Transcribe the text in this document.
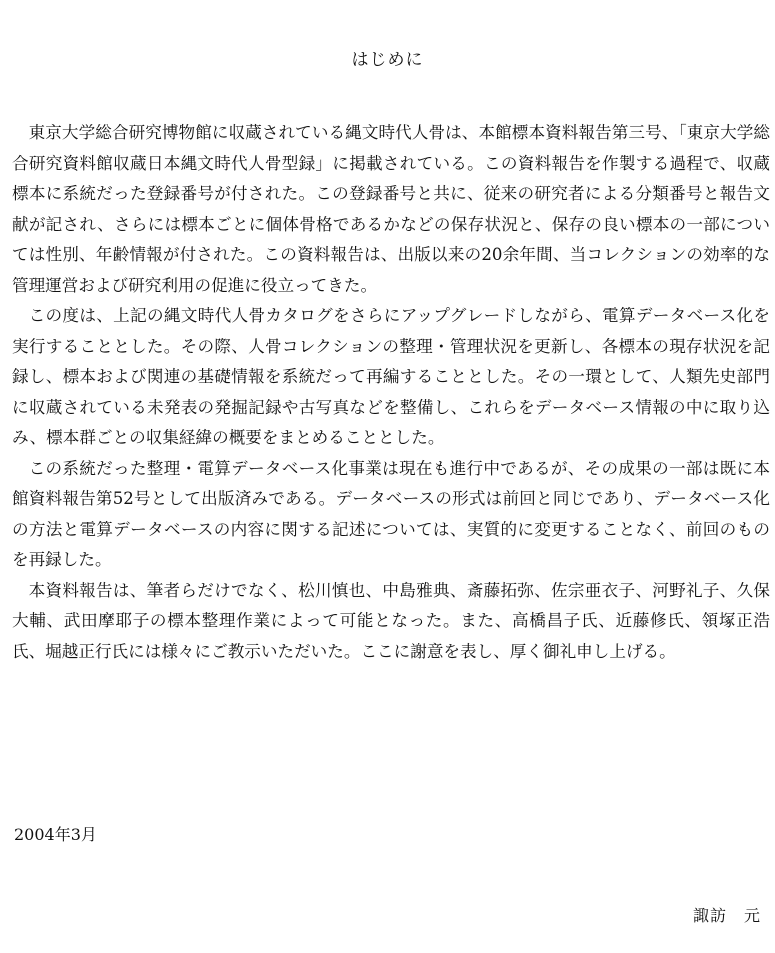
はじめに

東京大学総合研究博物館に収蔵されている縄文時代人骨は、本館標本資料報告第三号、「東京大学総合研究資料館収蔵日本縄文時代人骨型録」に掲載されている。この資料報告を作製する過程で、収蔵標本に系統だった登録番号が付された。この登録番号と共に、従来の研究者による分類番号と報告文献が記され、さらには標本ごとに個体骨格であるかなどの保存状況と、保存の良い標本の一部については性別、年齢情報が付された。この資料報告は、出版以来の20余年間、当コレクションの効率的な管理運営および研究利用の促進に役立ってきた。

この度は、上記の縄文時代人骨カタログをさらにアップグレードしながら、電算データベース化を実行することとした。その際、人骨コレクションの整理・管理状況を更新し、各標本の現存状況を記録し、標本および関連の基礎情報を系統だって再編することとした。その一環として、人類先史部門に収蔵されている未発表の発掘記録や古写真などを整備し、これらをデータベース情報の中に取り込み、標本群ごとの収集経緯の概要をまとめることとした。

この系統だった整理・電算データベース化事業は現在も進行中であるが、その成果の一部は既に本館資料報告第52号として出版済みである。データベースの形式は前回と同じであり、データベース化の方法と電算データベースの内容に関する記述については、実質的に変更することなく、前回のものを再録した。

本資料報告は、筆者らだけでなく、松川慎也、中島雅典、斎藤拓弥、佐宗亜衣子、河野礼子、久保大輔、武田摩耶子の標本整理作業によって可能となった。また、高橋昌子氏、近藤修氏、領塚正浩氏、堀越正行氏には様々にご教示いただいた。ここに謝意を表し、厚く御礼申し上げる。

2004年3月

諏訪　元
